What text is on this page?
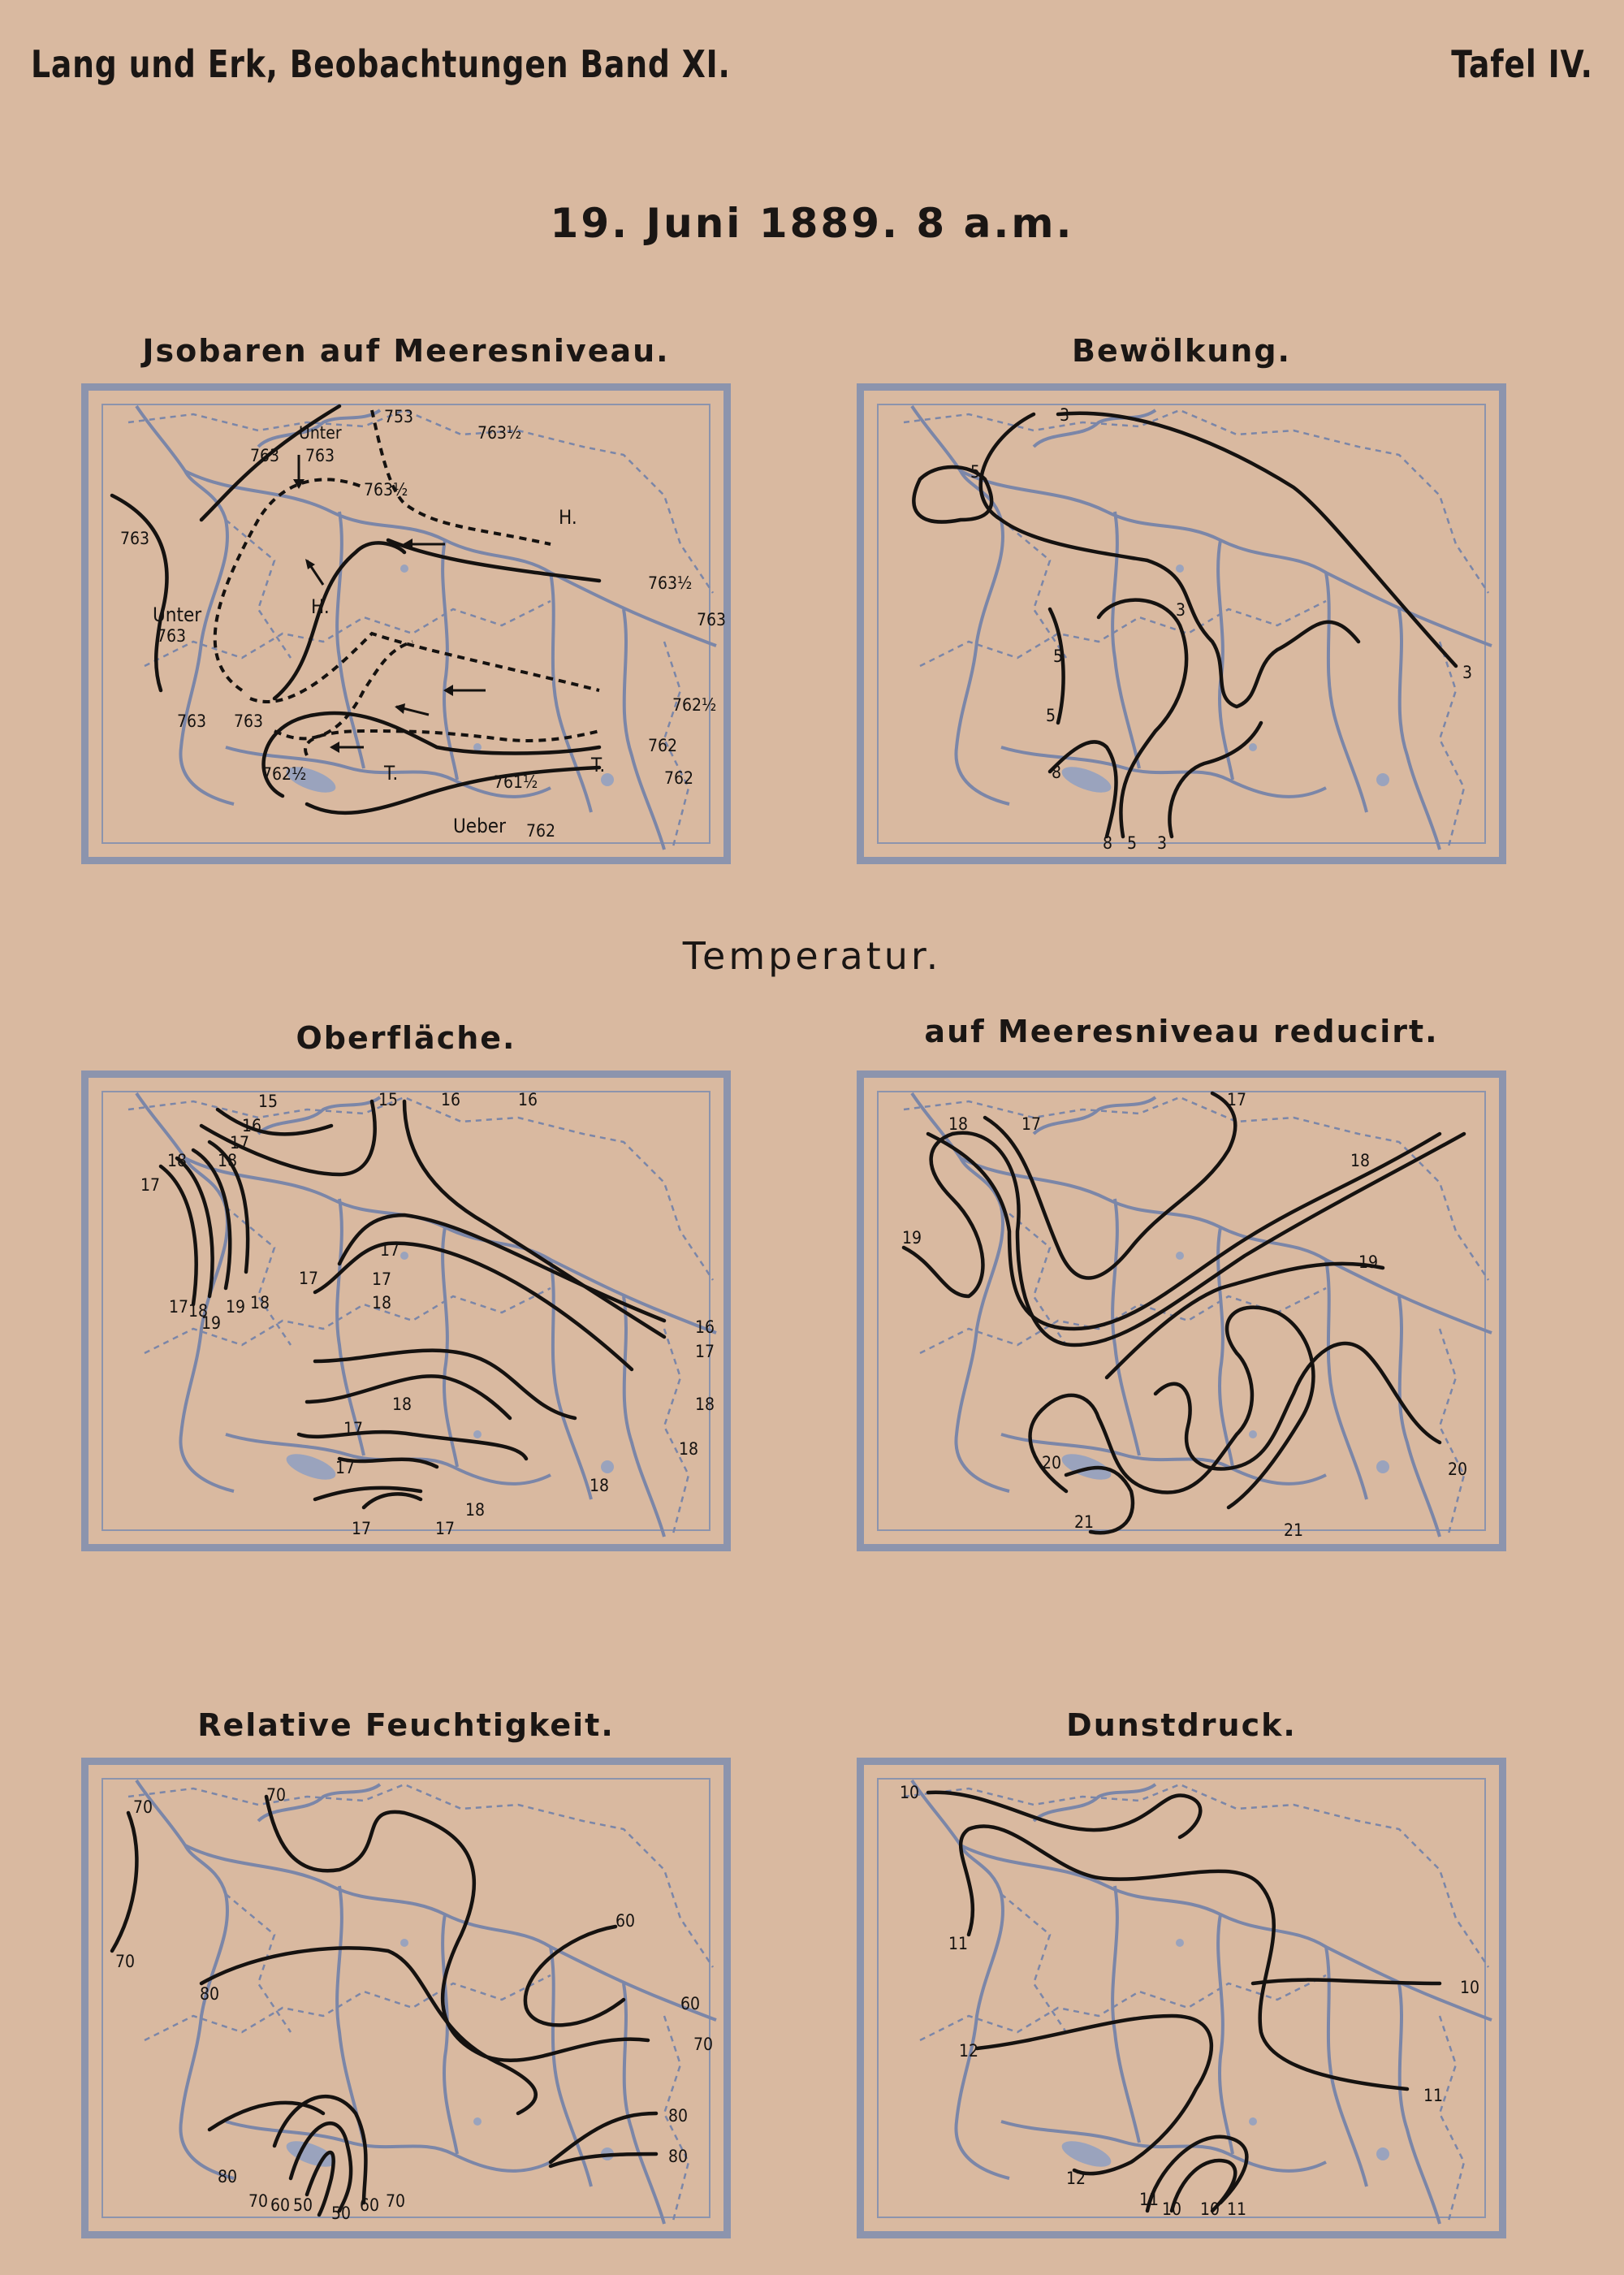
Lang und Erk, Beobachtungen Band XI.	Tafel IV.
19. Juni 1889. 8 a.m.
Temperatur.
Jsobaren auf Meeresniveau.
753
Unter
763 763
763½
763½
763½
763
Unter
763
763 763
763
762½
762½
762
762
761½
Ueber 762
H.
H.
T.	T.
Bewölkung.
3
5
3
5
5
8
8 5 3
3
Oberfläche.
15	15	16
16
16
17
18
18
17
17
17
18 19
19
18
17
17
18
16
17
18
18
17
18
17
18
18
17	17
auf Meeresniveau reducirt.
18	17
17
18
19
19
20
21	21
20
Relative Feuchtigkeit.
70
70
70
60
60
80
70
80
80
80
70 60 50 50 60 70
Dunstdruck.
10
11
12
10
11
12
11 10 10 11
